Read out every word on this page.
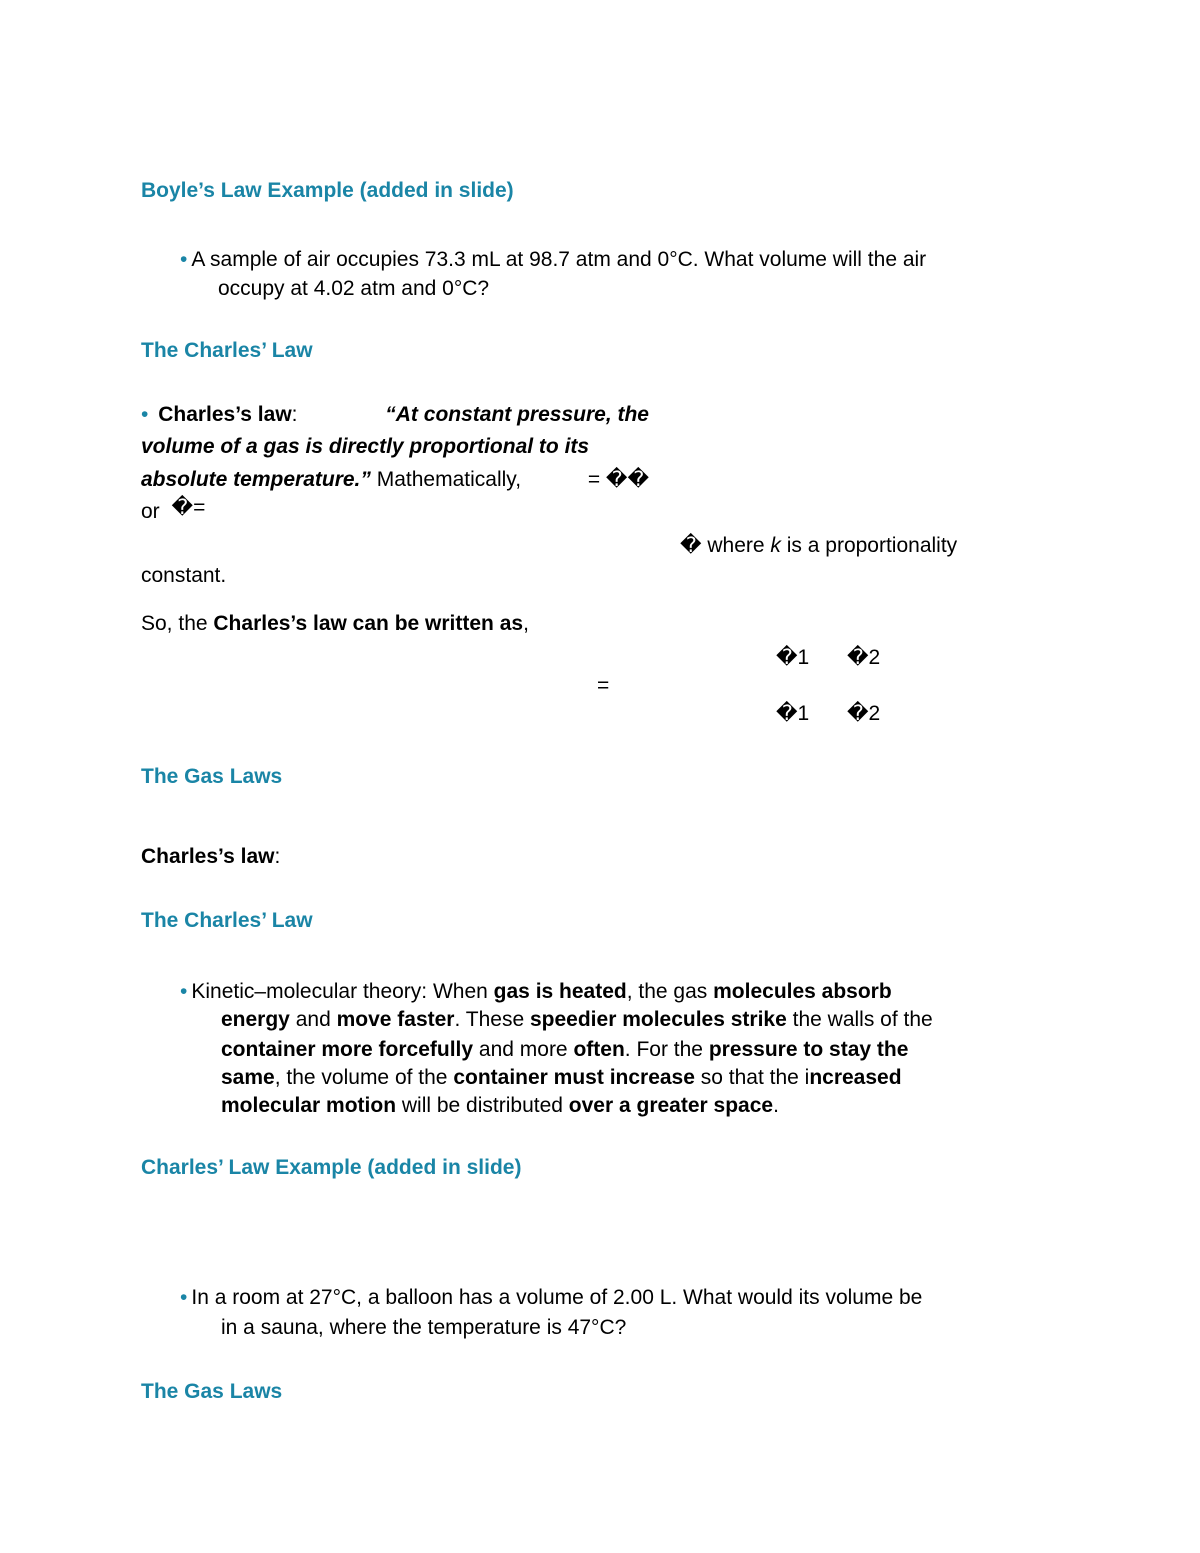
Boyle’s Law Example (added in slide)
• A sample of air occupies 73.3 mL at 98.7 atm and 0°C. What volume will the air
occupy at 4.02 atm and 0°C?
The Charles’ Law
• Charles’s law:	“At constant pressure, the
volume of a gas is directly proportional to its
absolute temperature.” Mathematically,	= ��
or �=
� where k is a proportionality
constant.
So, the Charles’s law can be written as,
�1 �2
=
�1 �2
The Gas Laws
Charles’s law:
The Charles’ Law
• Kinetic–molecular theory: When gas is heated, the gas molecules absorb
energy and move faster. These speedier molecules strike the walls of the
container more forcefully and more often. For the pressure to stay the
same, the volume of the container must increase so that the increased
molecular motion will be distributed over a greater space.
Charles’ Law Example (added in slide)
• In a room at 27°C, a balloon has a volume of 2.00 L. What would its volume be
in a sauna, where the temperature is 47°C?
The Gas Laws
